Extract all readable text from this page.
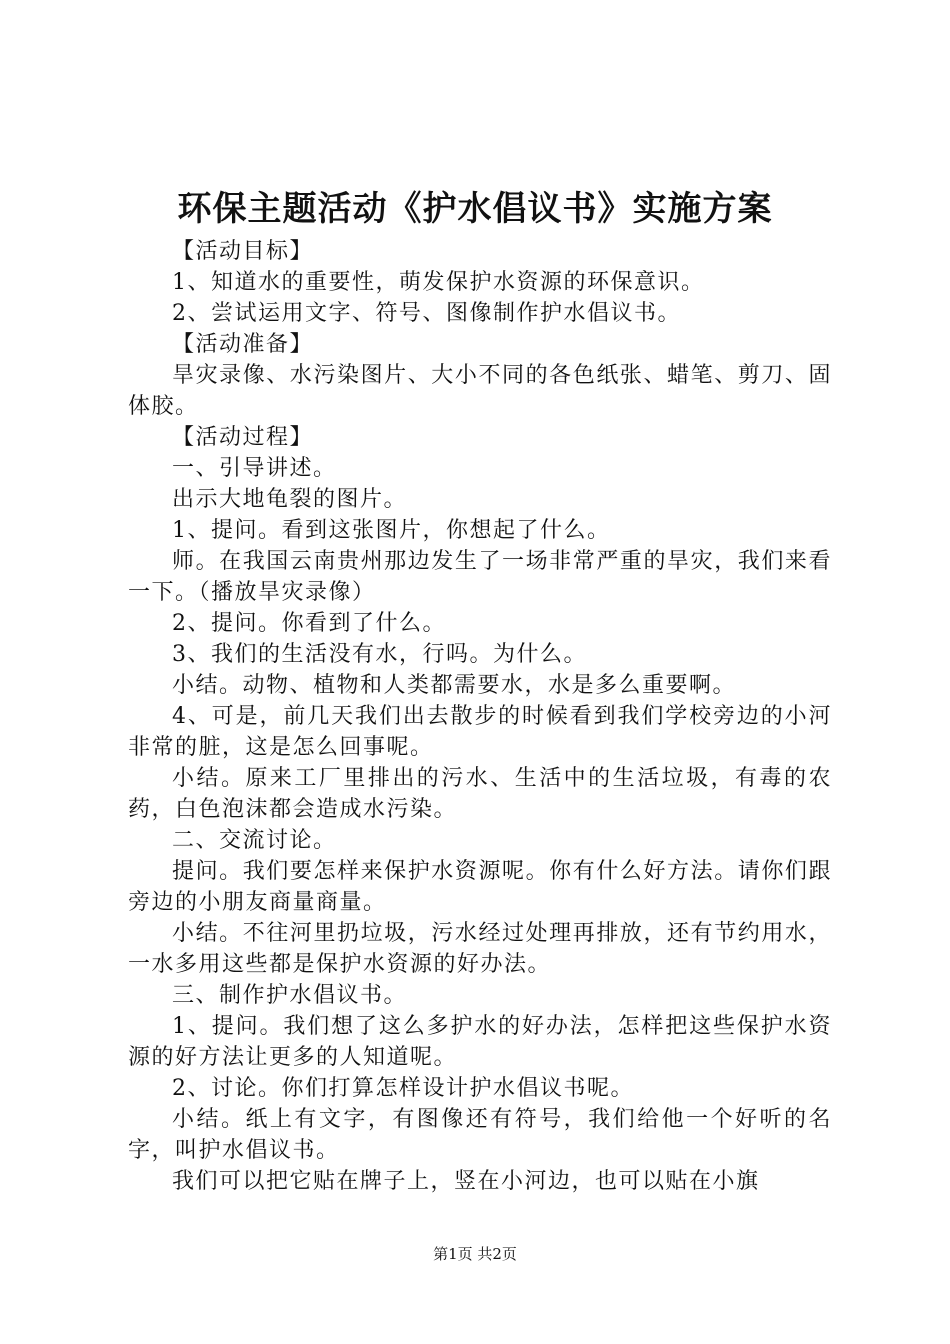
环保主题活动《护水倡议书》实施方案

【活动目标】

1、知道水的重要性，萌发保护水资源的环保意识。

2、尝试运用文字、符号、图像制作护水倡议书。

【活动准备】

旱灾录像、水污染图片、大小不同的各色纸张、蜡笔、剪刀、固体胶。

【活动过程】

一、引导讲述。

出示大地龟裂的图片。

1、提问。看到这张图片，你想起了什么。

师。在我国云南贵州那边发生了一场非常严重的旱灾，我们来看一下。（播放旱灾录像）

2、提问。你看到了什么。

3、我们的生活没有水，行吗。为什么。

小结。动物、植物和人类都需要水，水是多么重要啊。

4、可是，前几天我们出去散步的时候看到我们学校旁边的小河非常的脏，这是怎么回事呢。

小结。原来工厂里排出的污水、生活中的生活垃圾，有毒的农药，白色泡沫都会造成水污染。

二、交流讨论。

提问。我们要怎样来保护水资源呢。你有什么好方法。请你们跟旁边的小朋友商量商量。

小结。不往河里扔垃圾，污水经过处理再排放，还有节约用水，一水多用这些都是保护水资源的好办法。

三、制作护水倡议书。

1、提问。我们想了这么多护水的好办法，怎样把这些保护水资源的好方法让更多的人知道呢。

2、讨论。你们打算怎样设计护水倡议书呢。

小结。纸上有文字，有图像还有符号，我们给他一个好听的名字，叫护水倡议书。

我们可以把它贴在牌子上，竖在小河边，也可以贴在小旗

第1页 共2页
